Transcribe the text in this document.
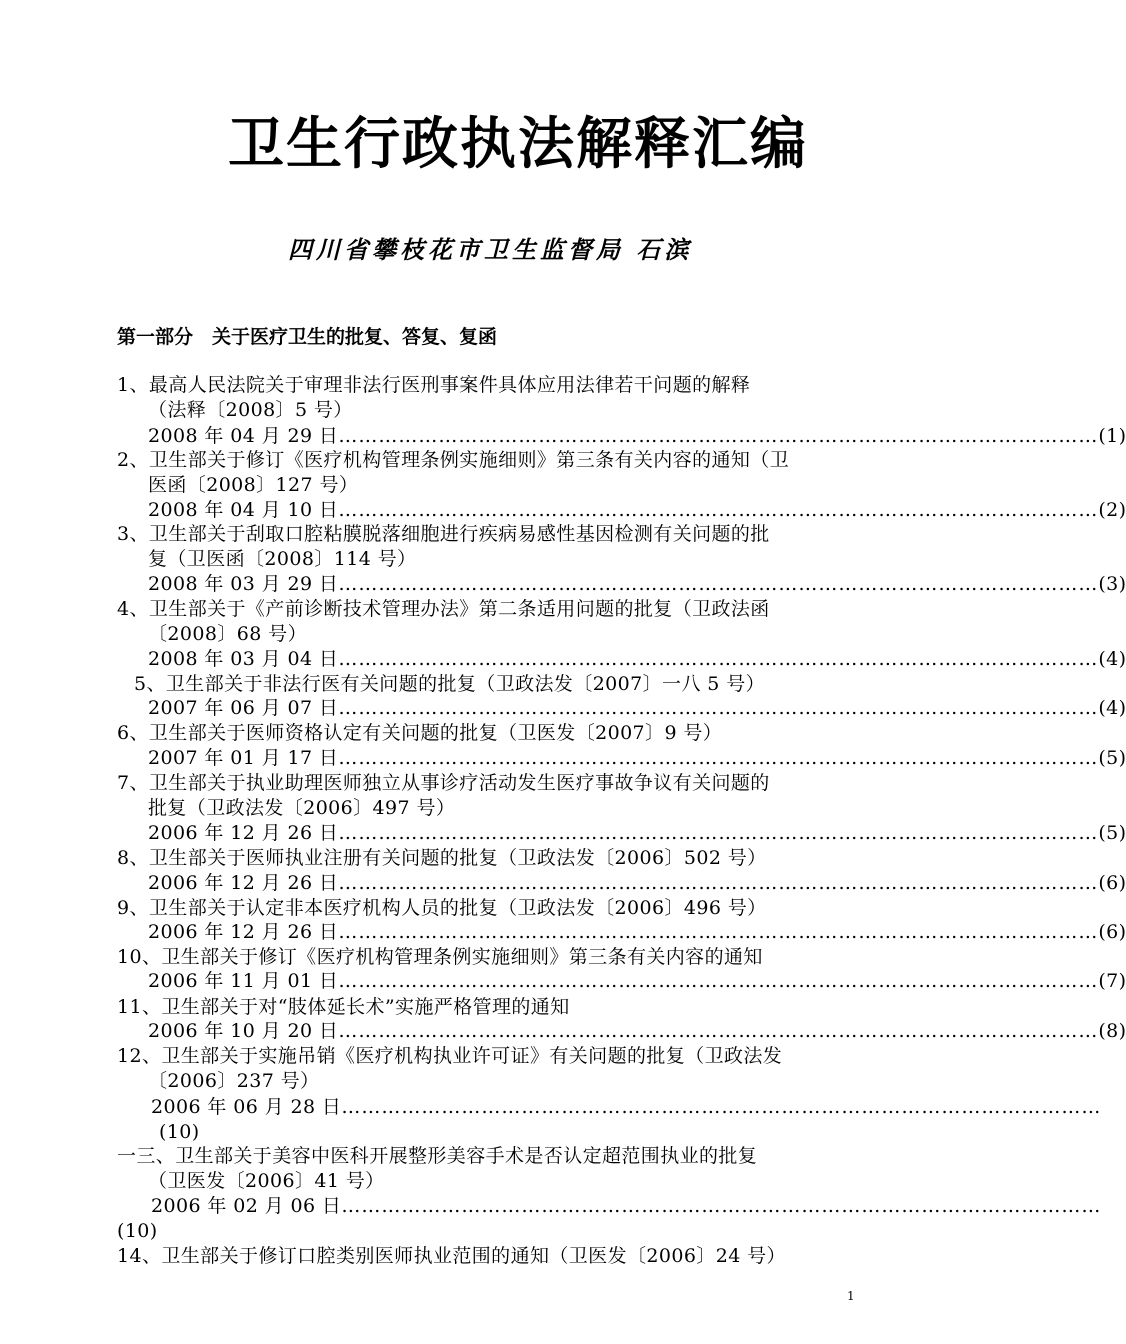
卫生行政执法解释汇编
四川省攀枝花市卫生监督局 石滨
第一部分　关于医疗卫生的批复、答复、复函
1、最高人民法院关于审理非法行医刑事案件具体应用法律若干问题的解释
（法释〔2008〕5 号）
2008 年 04 月 29 日 …………………………………………………………………………………………………… (1)
2、卫生部关于修订《医疗机构管理条例实施细则》第三条有关内容的通知（卫
医函〔2008〕127 号）
2008 年 04 月 10 日 …………………………………………………………………………………………………… (2)
3、卫生部关于刮取口腔粘膜脱落细胞进行疾病易感性基因检测有关问题的批
复（卫医函〔2008〕114 号）
2008 年 03 月 29 日 …………………………………………………………………………………………………… (3)
4、卫生部关于《产前诊断技术管理办法》第二条适用问题的批复（卫政法函
〔2008〕68 号）
2008 年 03 月 04 日 …………………………………………………………………………………………………… (4)
5、卫生部关于非法行医有关问题的批复（卫政法发〔2007〕一八 5 号）
2007 年 06 月 07 日 …………………………………………………………………………………………………… (4)
6、卫生部关于医师资格认定有关问题的批复（卫医发〔2007〕9 号）
2007 年 01 月 17 日 …………………………………………………………………………………………………… (5)
7、卫生部关于执业助理医师独立从事诊疗活动发生医疗事故争议有关问题的
批复（卫政法发〔2006〕497 号）
2006 年 12 月 26 日 …………………………………………………………………………………………………… (5)
8、卫生部关于医师执业注册有关问题的批复（卫政法发〔2006〕502 号）
2006 年 12 月 26 日 …………………………………………………………………………………………………… (6)
9、卫生部关于认定非本医疗机构人员的批复（卫政法发〔2006〕496 号）
2006 年 12 月 26 日 …………………………………………………………………………………………………… (6)
10、卫生部关于修订《医疗机构管理条例实施细则》第三条有关内容的通知
2006 年 11 月 01 日 …………………………………………………………………………………………………… (7)
11、卫生部关于对“肢体延长术”实施严格管理的通知
2006 年 10 月 20 日 …………………………………………………………………………………………………… (8)
12、卫生部关于实施吊销《医疗机构执业许可证》有关问题的批复（卫政法发
〔2006〕237 号）
2006 年 06 月 28 日 ……………………………………………………………………………………………………
(10)
一三、卫生部关于美容中医科开展整形美容手术是否认定超范围执业的批复
（卫医发〔2006〕41 号）
2006 年 02 月 06 日 ……………………………………………………………………………………………………
(10)
14、卫生部关于修订口腔类别医师执业范围的通知（卫医发〔2006〕24 号）
1
